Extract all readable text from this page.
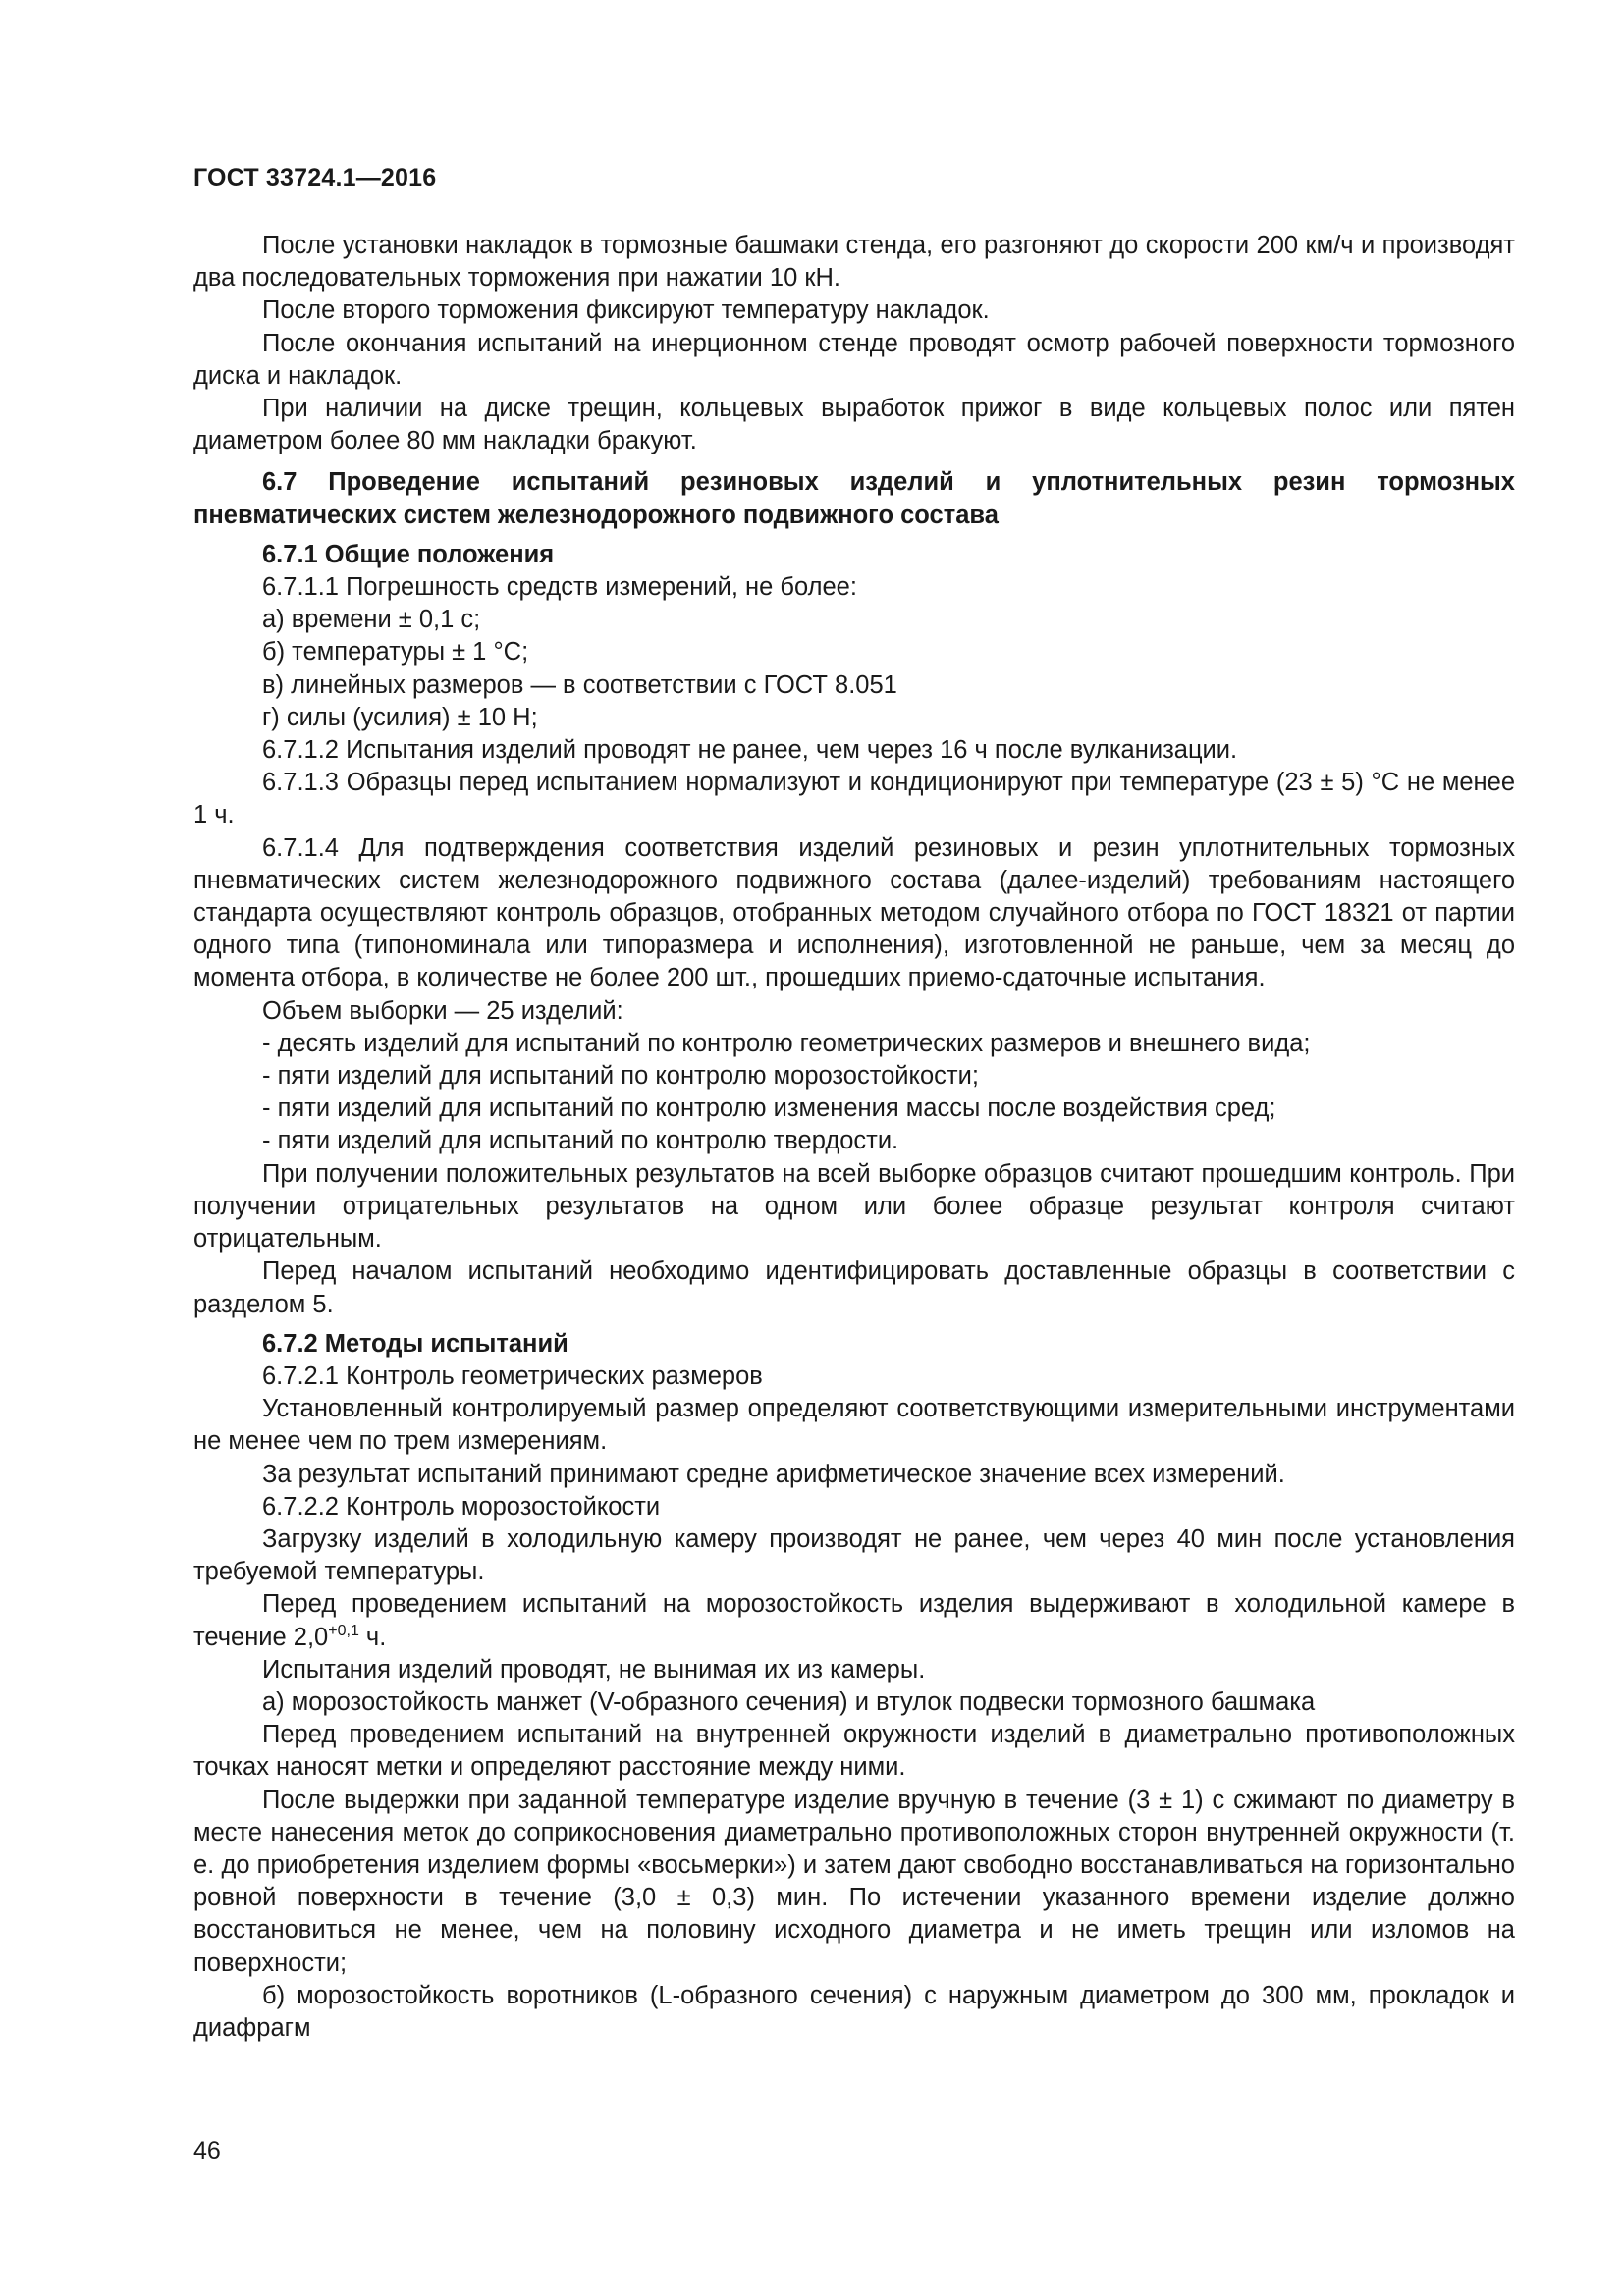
ГОСТ 33724.1—2016

После установки накладок в тормозные башмаки стенда, его разгоняют до скорости 200 км/ч и производят два последовательных торможения при нажатии 10 кН.

После второго торможения фиксируют температуру накладок.

После окончания испытаний на инерционном стенде проводят осмотр рабочей поверхности тормозного диска и накладок.

При наличии на диске трещин, кольцевых выработок прижог в виде кольцевых полос или пятен диаметром более 80 мм накладки бракуют.

6.7 Проведение испытаний резиновых изделий и уплотнительных резин тормозных пневматических систем железнодорожного подвижного состава

6.7.1 Общие положения

6.7.1.1 Погрешность средств измерений, не более:

а) времени ± 0,1 с;

б) температуры ± 1 °С;

в) линейных размеров — в соответствии с ГОСТ 8.051

г) силы (усилия) ± 10 Н;

6.7.1.2 Испытания изделий проводят не ранее, чем через 16 ч после вулканизации.

6.7.1.3 Образцы перед испытанием нормализуют и кондиционируют при температуре (23 ± 5) °С не менее 1 ч.

6.7.1.4 Для подтверждения соответствия изделий резиновых и резин уплотнительных тормозных пневматических систем железнодорожного подвижного состава (далее-изделий) требованиям настоящего стандарта осуществляют контроль образцов, отобранных методом случайного отбора по ГОСТ 18321 от партии одного типа (типономинала или типоразмера и исполнения), изготовленной не раньше, чем за месяц до момента отбора, в количестве не более 200 шт., прошедших приемо-сдаточные испытания.

Объем выборки — 25 изделий:

- десять изделий для испытаний по контролю геометрических размеров и внешнего вида;

- пяти изделий для испытаний по контролю морозостойкости;

- пяти изделий для испытаний по контролю изменения массы после воздействия сред;

- пяти изделий для испытаний по контролю твердости.

При получении положительных результатов на всей выборке образцов считают прошедшим контроль. При получении отрицательных результатов на одном или более образце результат контроля считают отрицательным.

Перед началом испытаний необходимо идентифицировать доставленные образцы в соответствии с разделом 5.

6.7.2 Методы испытаний

6.7.2.1 Контроль геометрических размеров

Установленный контролируемый размер определяют соответствующими измерительными инструментами не менее чем по трем измерениям.

За результат испытаний принимают средне арифметическое значение всех измерений.

6.7.2.2 Контроль морозостойкости

Загрузку изделий в холодильную камеру производят не ранее, чем через 40 мин после установления требуемой температуры.

Перед проведением испытаний на морозостойкость изделия выдерживают в холодильной камере в течение $2,0^{+0,1}$ ч.

Испытания изделий проводят, не вынимая их из камеры.

а) морозостойкость манжет (V-образного сечения) и втулок подвески тормозного башмака

Перед проведением испытаний на внутренней окружности изделий в диаметрально противоположных точках наносят метки и определяют расстояние между ними.

После выдержки при заданной температуре изделие вручную в течение (3 ± 1) с сжимают по диаметру в месте нанесения меток до соприкосновения диаметрально противоположных сторон внутренней окружности (т. е. до приобретения изделием формы «восьмерки») и затем дают свободно восстанавливаться на горизонтально ровной поверхности в течение (3,0 ± 0,3) мин. По истечении указанного времени изделие должно восстановиться не менее, чем на половину исходного диаметра и не иметь трещин или изломов на поверхности;

б) морозостойкость воротников (L-образного сечения) с наружным диаметром до 300 мм, прокладок и диафрагм

46
